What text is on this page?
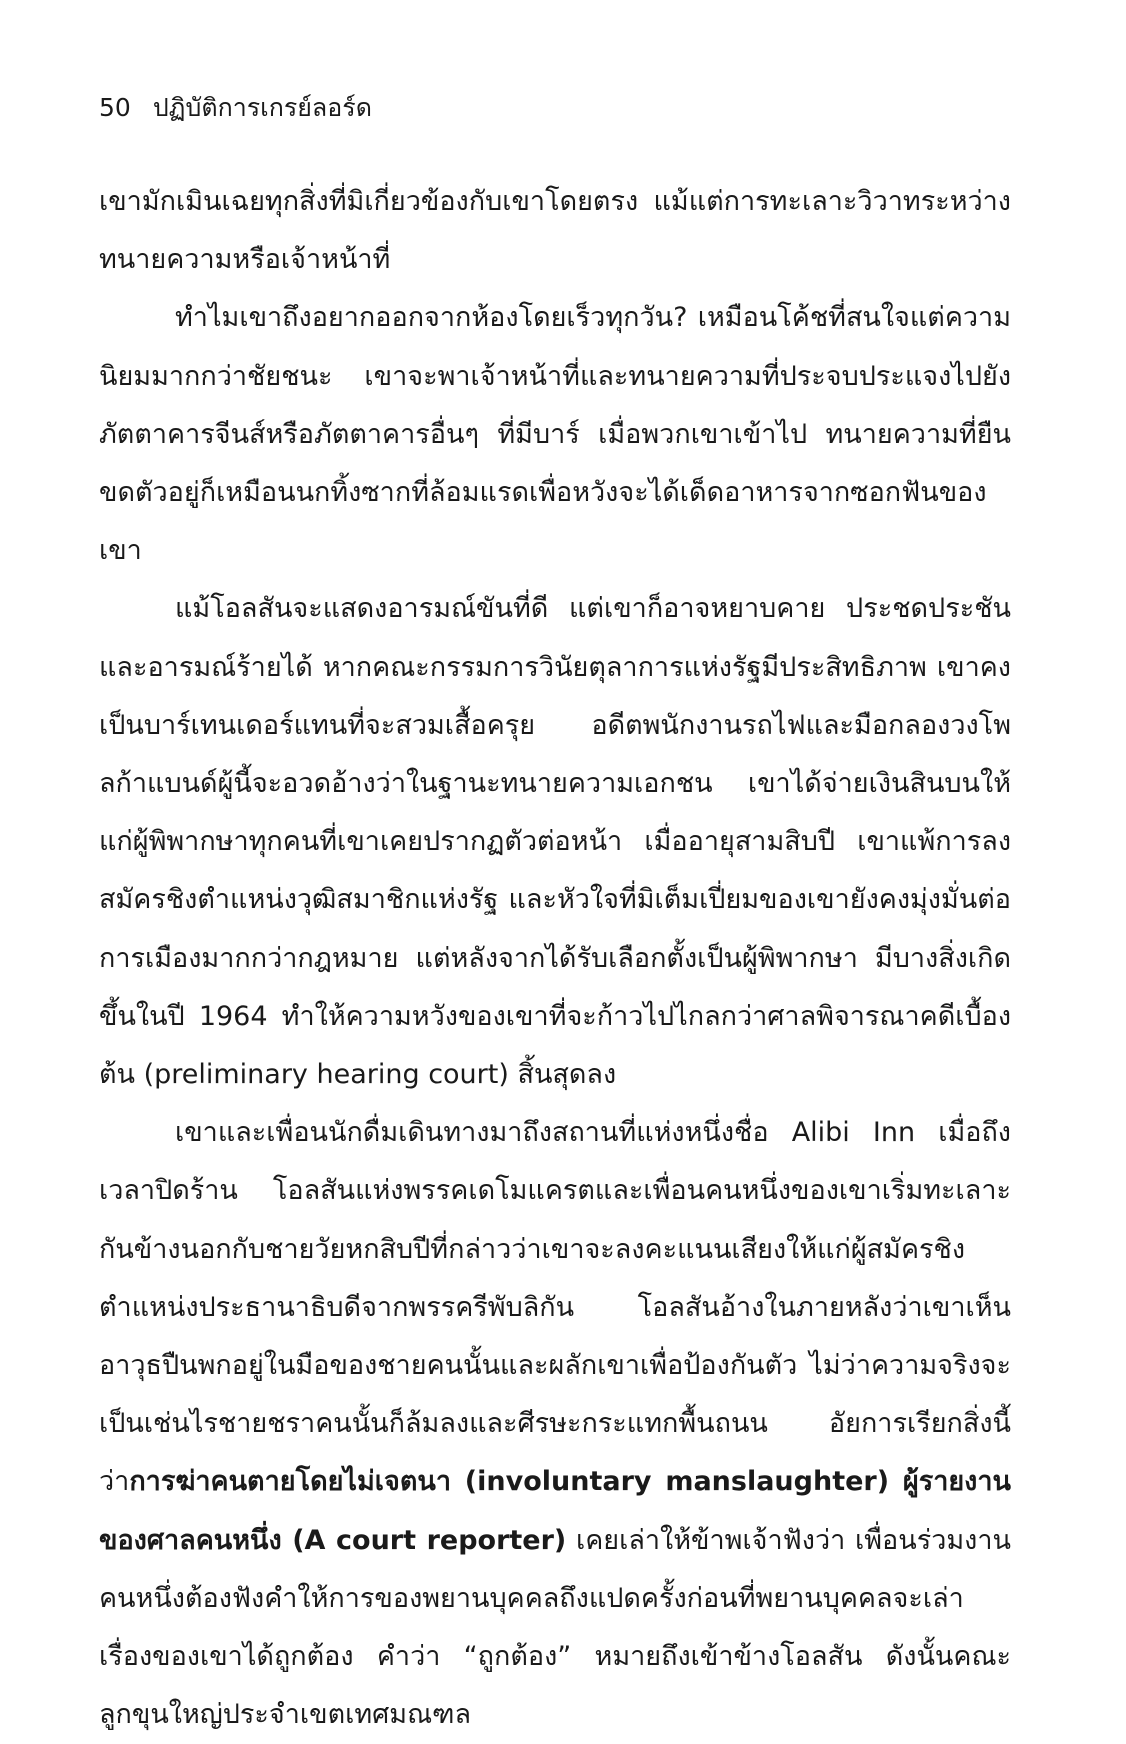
50 ปฏิบัติการเกรย์ลอร์ด

เขามักเมินเฉยทุกสิ่งที่มิเกี่ยวข้องกับเขาโดยตรง แม้แต่การทะเลาะวิวาทระหว่างทนายความหรือเจ้าหน้าที่

ทำไมเขาถึงอยากออกจากห้องโดยเร็วทุกวัน? เหมือนโค้ชที่สนใจแต่ความนิยมมากกว่าชัยชนะ เขาจะพาเจ้าหน้าที่และทนายความที่ประจบประแจงไปยังภัตตาคารจีนส์หรือภัตตาคารอื่นๆ ที่มีบาร์ เมื่อพวกเขาเข้าไป ทนายความที่ยืนขดตัวอยู่ก็เหมือนนกทิ้งซากที่ล้อมแรดเพื่อหวังจะได้เด็ดอาหารจากซอกฟันของเขา

แม้โอลสันจะแสดงอารมณ์ขันที่ดี แต่เขาก็อาจหยาบคาย ประชดประชันและอารมณ์ร้ายได้ หากคณะกรรมการวินัยตุลาการแห่งรัฐมีประสิทธิภาพ เขาคงเป็นบาร์เทนเดอร์แทนที่จะสวมเสื้อครุย อดีตพนักงานรถไฟและมือกลองวงโพลก้าแบนด์ผู้นี้จะอวดอ้างว่าในฐานะทนายความเอกชน เขาได้จ่ายเงินสินบนให้แก่ผู้พิพากษาทุกคนที่เขาเคยปรากฏตัวต่อหน้า เมื่ออายุสามสิบปี เขาแพ้การลงสมัครชิงตำแหน่งวุฒิสมาชิกแห่งรัฐ และหัวใจที่มิเต็มเปี่ยมของเขายังคงมุ่งมั่นต่อการเมืองมากกว่ากฎหมาย แต่หลังจากได้รับเลือกตั้งเป็นผู้พิพากษา มีบางสิ่งเกิดขึ้นในปี 1964 ทำให้ความหวังของเขาที่จะก้าวไปไกลกว่าศาลพิจารณาคดีเบื้องต้น (preliminary hearing court) สิ้นสุดลง

เขาและเพื่อนนักดื่มเดินทางมาถึงสถานที่แห่งหนึ่งชื่อ Alibi Inn เมื่อถึงเวลาปิดร้าน โอลสันแห่งพรรคเดโมแครตและเพื่อนคนหนึ่งของเขาเริ่มทะเลาะกันข้างนอกกับชายวัยหกสิบปีที่กล่าวว่าเขาจะลงคะแนนเสียงให้แก่ผู้สมัครชิงตำแหน่งประธานาธิบดีจากพรรครีพับลิกัน โอลสันอ้างในภายหลังว่าเขาเห็นอาวุธปืนพกอยู่ในมือของชายคนนั้นและผลักเขาเพื่อป้องกันตัว ไม่ว่าความจริงจะเป็นเช่นไรชายชราคนนั้นก็ล้มลงและศีรษะกระแทกพื้นถนน อัยการเรียกสิ่งนี้ว่าการฆ่าคนตายโดยไม่เจตนา (involuntary manslaughter) ผู้รายงานของศาลคนหนึ่ง (A court reporter) เคยเล่าให้ข้าพเจ้าฟังว่า เพื่อนร่วมงานคนหนึ่งต้องฟังคำให้การของพยานบุคคลถึงแปดครั้งก่อนที่พยานบุคคลจะเล่าเรื่องของเขาได้ถูกต้อง คำว่า “ถูกต้อง” หมายถึงเข้าข้างโอลสัน ดังนั้นคณะลูกขุนใหญ่ประจำเขตเทศมณฑล
